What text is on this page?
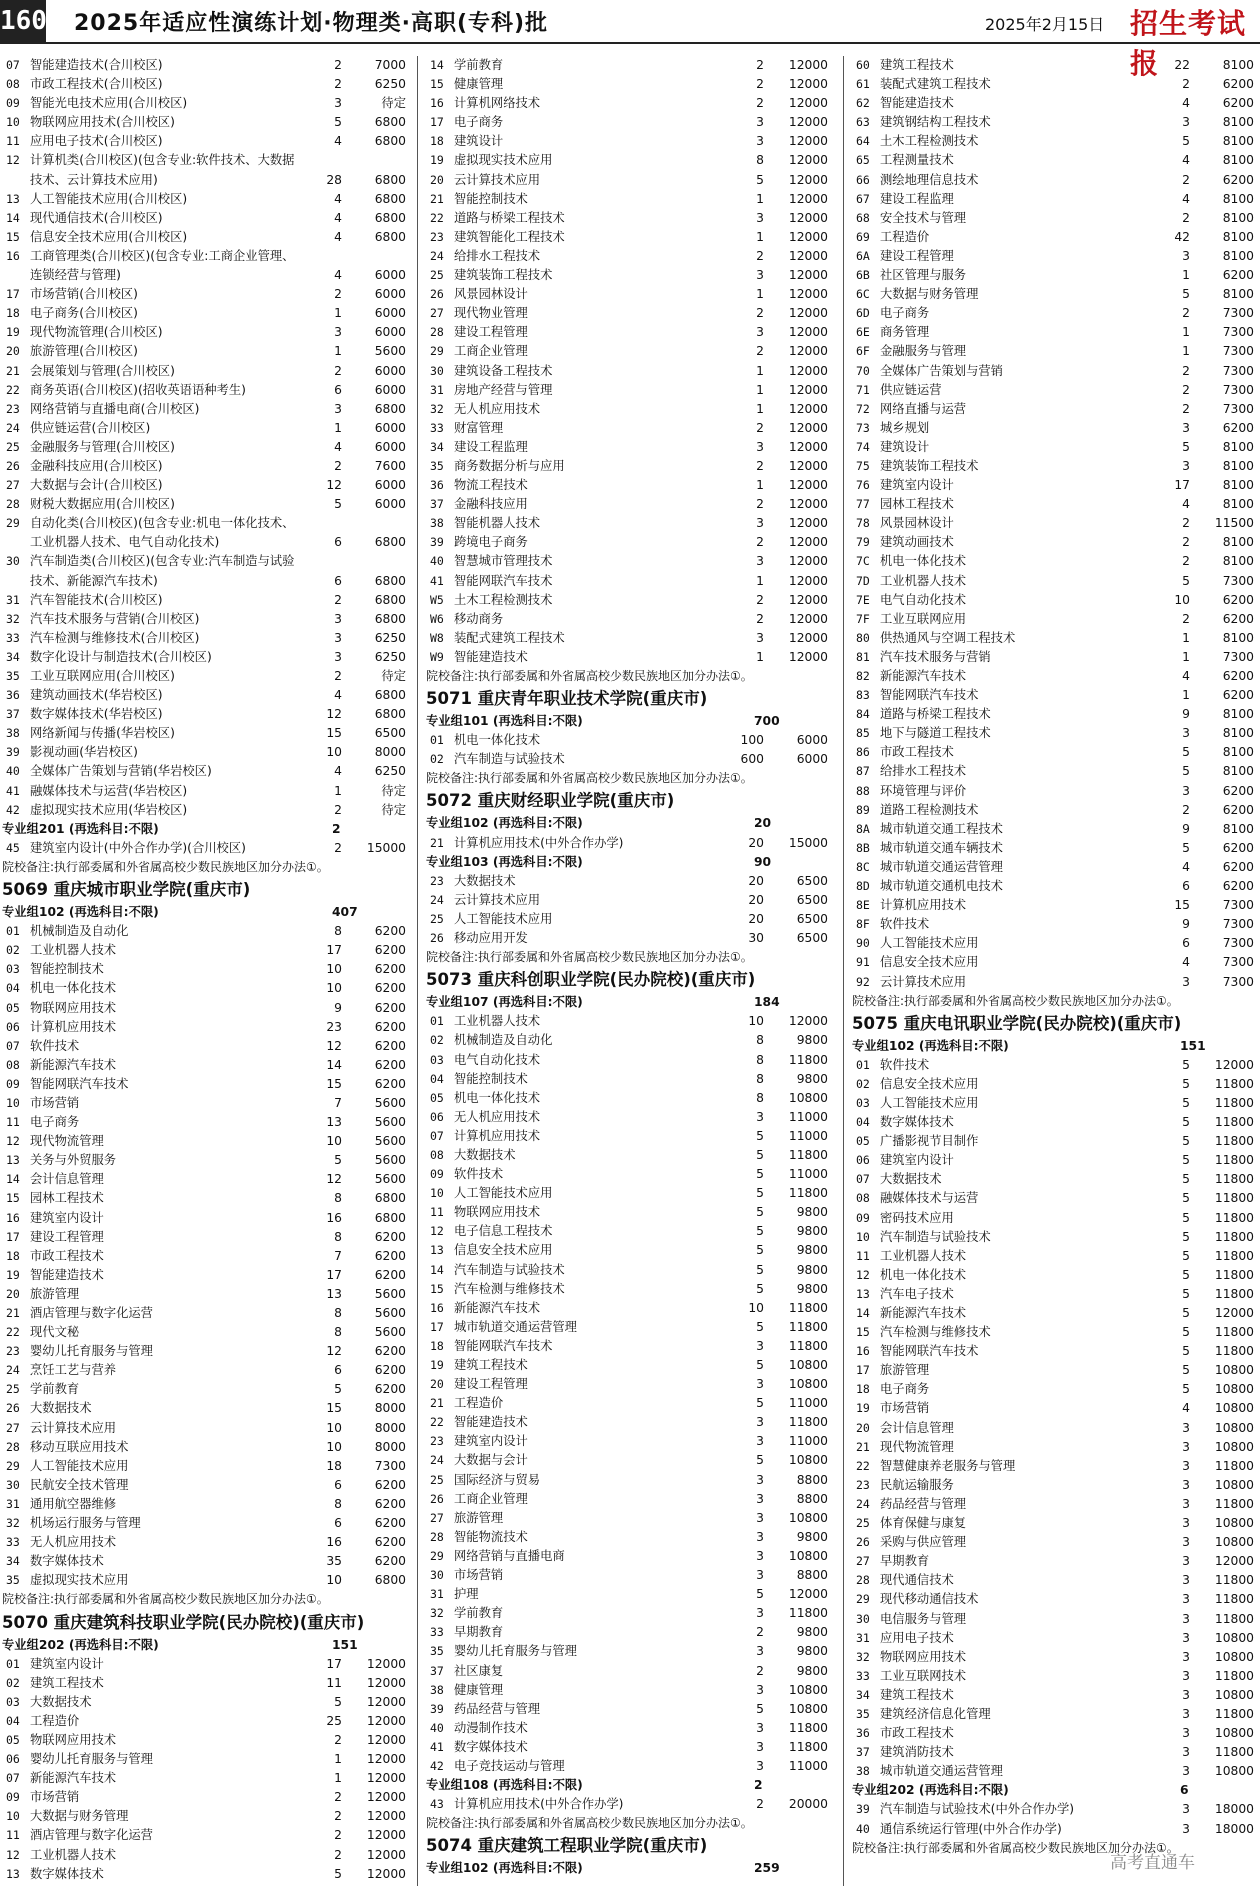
160 2025年适应性演练计划·物理类·高职(专科)批	2025年2月15日 招生考试报
07 智能建造技术(合川校区)	2	7000
08 市政工程技术(合川校区)	2	6250
09 智能光电技术应用(合川校区)	3	待定
10 物联网应用技术(合川校区)	5	6800
11 应用电子技术(合川校区)	4	6800
12 计算机类(合川校区)(包含专业:软件技术、大数据技术、云计算技术应用)	28	6800
13 人工智能技术应用(合川校区)	4	6800
14 现代通信技术(合川校区)	4	6800
15 信息安全技术应用(合川校区)	4	6800
16 工商管理类(合川校区)(包含专业:工商企业管理、连锁经营与管理)	4	6000
17 市场营销(合川校区)	2	6000
18 电子商务(合川校区)	1	6000
19 现代物流管理(合川校区)	3	6000
20 旅游管理(合川校区)	1	5600
21 会展策划与管理(合川校区)	2	6000
22 商务英语(合川校区)(招收英语语种考生)	6	6000
23 网络营销与直播电商(合川校区)	3	6800
24 供应链运营(合川校区)	1	6000
25 金融服务与管理(合川校区)	4	6000
26 金融科技应用(合川校区)	2	7600
27 大数据与会计(合川校区)	12	6000
28 财税大数据应用(合川校区)	5	6000
29 自动化类(合川校区)(包含专业:机电一体化技术、工业机器人技术、电气自动化技术)	6	6800
30 汽车制造类(合川校区)(包含专业:汽车制造与试验技术、新能源汽车技术)	6	6800
31 汽车智能技术(合川校区)	2	6800
32 汽车技术服务与营销(合川校区)	3	6800
33 汽车检测与维修技术(合川校区)	3	6250
34 数字化设计与制造技术(合川校区)	3	6250
35 工业互联网应用(合川校区)	2	待定
36 建筑动画技术(华岩校区)	4	6800
37 数字媒体技术(华岩校区)	12	6800
38 网络新闻与传播(华岩校区)	15	6500
39 影视动画(华岩校区)	10	8000
40 全媒体广告策划与营销(华岩校区)	4	6250
41 融媒体技术与运营(华岩校区)	1	待定
42 虚拟现实技术应用(华岩校区)	2	待定
专业组201 (再选科目:不限)	2
45 建筑室内设计(中外合作办学)(合川校区)	2	15000
院校备注:执行部委属和外省属高校少数民族地区加分办法①。
5069 重庆城市职业学院(重庆市)
专业组102 (再选科目:不限)	407
01 机械制造及自动化	8	6200
02 工业机器人技术	17	6200
03 智能控制技术	10	6200
04 机电一体化技术	10	6200
05 物联网应用技术	9	6200
06 计算机应用技术	23	6200
07 软件技术	12	6200
08 新能源汽车技术	14	6200
09 智能网联汽车技术	15	6200
10 市场营销	7	5600
11 电子商务	13	5600
12 现代物流管理	10	5600
13 关务与外贸服务	5	5600
14 会计信息管理	12	5600
15 园林工程技术	8	6800
16 建筑室内设计	16	6800
17 建设工程管理	8	6200
18 市政工程技术	7	6200
19 智能建造技术	17	6200
20 旅游管理	13	5600
21 酒店管理与数字化运营	8	5600
22 现代文秘	8	5600
23 婴幼儿托育服务与管理	12	6200
24 烹饪工艺与营养	6	6200
25 学前教育	5	6200
26 大数据技术	15	8000
27 云计算技术应用	10	8000
28 移动互联应用技术	10	8000
29 人工智能技术应用	18	7300
30 民航安全技术管理	6	6200
31 通用航空器维修	8	6200
32 机场运行服务与管理	6	6200
33 无人机应用技术	16	6200
34 数字媒体技术	35	6200
35 虚拟现实技术应用	10	6800
院校备注:执行部委属和外省属高校少数民族地区加分办法①。
5070 重庆建筑科技职业学院(民办院校)(重庆市)
专业组202 (再选科目:不限)	151
01 建筑室内设计	17	12000
02 建筑工程技术	11	12000
03 大数据技术	5	12000
04 工程造价	25	12000
05 物联网应用技术	2	12000
06 婴幼儿托育服务与管理	1	12000
07 新能源汽车技术	1	12000
09 市场营销	2	12000
10 大数据与财务管理	2	12000
11 酒店管理与数字化运营	2	12000
12 工业机器人技术	2	12000
13 数字媒体技术	5	12000
14 学前教育	2	12000
15 健康管理	2	12000
16 计算机网络技术	2	12000
17 电子商务	3	12000
18 建筑设计	3	12000
19 虚拟现实技术应用	8	12000
20 云计算技术应用	5	12000
21 智能控制技术	1	12000
22 道路与桥梁工程技术	3	12000
23 建筑智能化工程技术	1	12000
24 给排水工程技术	2	12000
25 建筑装饰工程技术	3	12000
26 风景园林设计	1	12000
27 现代物业管理	2	12000
28 建设工程管理	3	12000
29 工商企业管理	2	12000
30 建筑设备工程技术	1	12000
31 房地产经营与管理	1	12000
32 无人机应用技术	1	12000
33 财富管理	2	12000
34 建设工程监理	3	12000
35 商务数据分析与应用	2	12000
36 物流工程技术	1	12000
37 金融科技应用	2	12000
38 智能机器人技术	3	12000
39 跨境电子商务	2	12000
40 智慧城市管理技术	3	12000
41 智能网联汽车技术	1	12000
W5 土木工程检测技术	2	12000
W6 移动商务	2	12000
W8 装配式建筑工程技术	3	12000
W9 智能建造技术	1	12000
院校备注:执行部委属和外省属高校少数民族地区加分办法①。
5071 重庆青年职业技术学院(重庆市)
专业组101 (再选科目:不限)	700
01 机电一体化技术	100	6000
02 汽车制造与试验技术	600	6000
院校备注:执行部委属和外省属高校少数民族地区加分办法①。
5072 重庆财经职业学院(重庆市)
专业组102 (再选科目:不限)	20
21 计算机应用技术(中外合作办学)	20	15000
专业组103 (再选科目:不限)	90
23 大数据技术	20	6500
24 云计算技术应用	20	6500
25 人工智能技术应用	20	6500
26 移动应用开发	30	6500
院校备注:执行部委属和外省属高校少数民族地区加分办法①。
5073 重庆科创职业学院(民办院校)(重庆市)
专业组107 (再选科目:不限)	184
01 工业机器人技术	10	12000
02 机械制造及自动化	8	9800
03 电气自动化技术	8	11800
04 智能控制技术	8	9800
05 机电一体化技术	8	10800
06 无人机应用技术	3	11000
07 计算机应用技术	5	11000
08 大数据技术	5	11800
09 软件技术	5	11000
10 人工智能技术应用	5	11800
11 物联网应用技术	5	9800
12 电子信息工程技术	5	9800
13 信息安全技术应用	5	9800
14 汽车制造与试验技术	5	9800
15 汽车检测与维修技术	5	9800
16 新能源汽车技术	10	11800
17 城市轨道交通运营管理	5	11800
18 智能网联汽车技术	3	11800
19 建筑工程技术	5	10800
20 建设工程管理	3	10800
21 工程造价	5	11000
22 智能建造技术	3	11800
23 建筑室内设计	3	11000
24 大数据与会计	5	10800
25 国际经济与贸易	3	8800
26 工商企业管理	3	8800
27 旅游管理	3	10800
28 智能物流技术	3	9800
29 网络营销与直播电商	3	10800
30 市场营销	3	8800
31 护理	5	12000
32 学前教育	3	11800
33 早期教育	2	9800
35 婴幼儿托育服务与管理	3	9800
37 社区康复	2	9800
38 健康管理	3	10800
39 药品经营与管理	5	10800
40 动漫制作技术	3	11800
41 数字媒体技术	3	11800
42 电子竞技运动与管理	3	11000
专业组108 (再选科目:不限)	2
43 计算机应用技术(中外合作办学)	2	20000
院校备注:执行部委属和外省属高校少数民族地区加分办法①。
5074 重庆建筑工程职业学院(重庆市)
专业组102 (再选科目:不限)	259
60 建筑工程技术	22	8100
61 装配式建筑工程技术	2	6200
62 智能建造技术	4	6200
63 建筑钢结构工程技术	3	8100
64 土木工程检测技术	5	8100
65 工程测量技术	4	8100
66 测绘地理信息技术	2	6200
67 建设工程监理	4	8100
68 安全技术与管理	2	8100
69 工程造价	42	8100
6A 建设工程管理	3	8100
6B 社区管理与服务	1	6200
6C 大数据与财务管理	5	8100
6D 电子商务	2	7300
6E 商务管理	1	7300
6F 金融服务与管理	1	7300
70 全媒体广告策划与营销	2	7300
71 供应链运营	2	7300
72 网络直播与运营	2	7300
73 城乡规划	3	6200
74 建筑设计	5	8100
75 建筑装饰工程技术	3	8100
76 建筑室内设计	17	8100
77 园林工程技术	4	8100
78 风景园林设计	2	11500
79 建筑动画技术	2	8100
7C 机电一体化技术	2	8100
7D 工业机器人技术	5	7300
7E 电气自动化技术	10	6200
7F 工业互联网应用	2	6200
80 供热通风与空调工程技术	1	8100
81 汽车技术服务与营销	1	7300
82 新能源汽车技术	4	6200
83 智能网联汽车技术	1	6200
84 道路与桥梁工程技术	9	8100
85 地下与隧道工程技术	3	8100
86 市政工程技术	5	8100
87 给排水工程技术	5	8100
88 环境管理与评价	3	6200
89 道路工程检测技术	2	6200
8A 城市轨道交通工程技术	9	8100
8B 城市轨道交通车辆技术	5	6200
8C 城市轨道交通运营管理	4	6200
8D 城市轨道交通机电技术	6	6200
8E 计算机应用技术	15	7300
8F 软件技术	9	7300
90 人工智能技术应用	6	7300
91 信息安全技术应用	4	7300
92 云计算技术应用	3	7300
院校备注:执行部委属和外省属高校少数民族地区加分办法①。
5075 重庆电讯职业学院(民办院校)(重庆市)
专业组102 (再选科目:不限)	151
01 软件技术	5	12000
02 信息安全技术应用	5	11800
03 人工智能技术应用	5	11800
04 数字媒体技术	5	11800
05 广播影视节目制作	5	11800
06 建筑室内设计	5	11800
07 大数据技术	5	11800
08 融媒体技术与运营	5	11800
09 密码技术应用	5	11800
10 汽车制造与试验技术	5	11800
11 工业机器人技术	5	11800
12 机电一体化技术	5	11800
13 汽车电子技术	5	11800
14 新能源汽车技术	5	12000
15 汽车检测与维修技术	5	11800
16 智能网联汽车技术	5	11800
17 旅游管理	5	10800
18 电子商务	5	10800
19 市场营销	4	10800
20 会计信息管理	3	10800
21 现代物流管理	3	10800
22 智慧健康养老服务与管理	3	11800
23 民航运输服务	3	10800
24 药品经营与管理	3	11800
25 体育保健与康复	3	10800
26 采购与供应管理	3	10800
27 早期教育	3	12000
28 现代通信技术	3	11800
29 现代移动通信技术	3	11800
30 电信服务与管理	3	11800
31 应用电子技术	3	10800
32 物联网应用技术	3	10800
33 工业互联网技术	3	11800
34 建筑工程技术	3	10800
35 建筑经济信息化管理	3	11800
36 市政工程技术	3	10800
37 建筑消防技术	3	11800
38 城市轨道交通运营管理	3	10800
专业组202 (再选科目:不限)	6
39 汽车制造与试验技术(中外合作办学)	3	18000
40 通信系统运行管理(中外合作办学)	3	18000
院校备注:执行部委属和外省属高校少数民族地区加分办法①。
高考直通车
